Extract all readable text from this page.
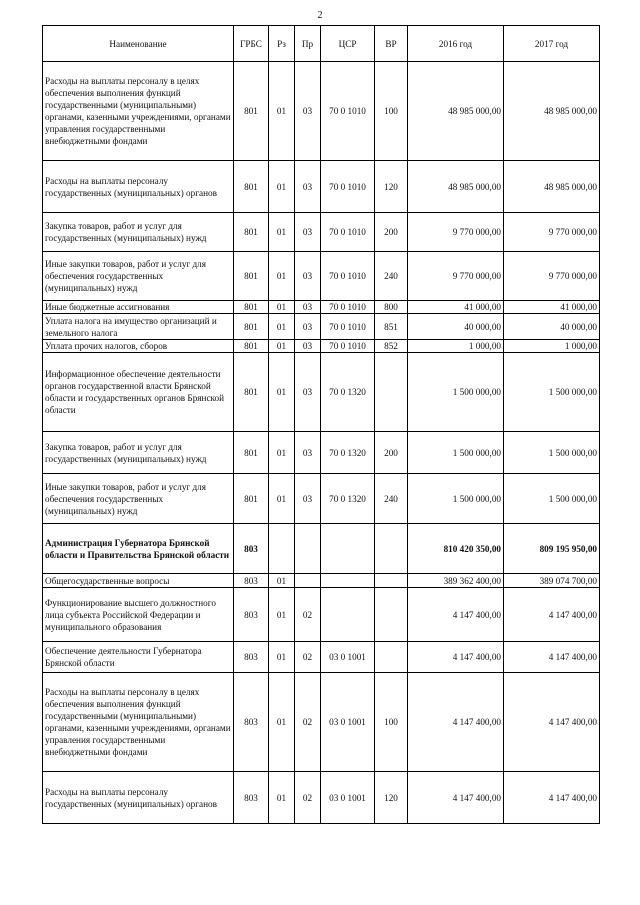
2
Наименование	ГРБС	Рз	Пр	ЦСР	ВР	2016 год	2017 год
Расходы на выплаты персоналу в целях обеспечения выполнения функций государственными (муниципальными) органами, казенными учреждениями, органами управления государственными внебюджетными фондами	801	01	03	70 0 1010	100	48 985 000,00	48 985 000,00
Расходы на выплаты персоналу государственных (муниципальных) органов	801	01	03	70 0 1010	120	48 985 000,00	48 985 000,00
Закупка товаров, работ и услуг для государственных (муниципальных) нужд	801	01	03	70 0 1010	200	9 770 000,00	9 770 000,00
Иные закупки товаров, работ и услуг для обеспечения государственных (муниципальных) нужд	801	01	03	70 0 1010	240	9 770 000,00	9 770 000,00
Иные бюджетные ассигнования	801	01	03	70 0 1010	800	41 000,00	41 000,00
Уплата налога на имущество организаций и земельного налога	801	01	03	70 0 1010	851	40 000,00	40 000,00
Уплата прочих налогов, сборов	801	01	03	70 0 1010	852	1 000,00	1 000,00
Информационное обеспечение деятельности органов государственной власти Брянской области и государственных органов Брянской области	801	01	03	70 0 1320		1 500 000,00	1 500 000,00
Закупка товаров, работ и услуг для государственных (муниципальных) нужд	801	01	03	70 0 1320	200	1 500 000,00	1 500 000,00
Иные закупки товаров, работ и услуг для обеспечения государственных (муниципальных) нужд	801	01	03	70 0 1320	240	1 500 000,00	1 500 000,00
Администрация Губернатора Брянской области и Правительства Брянской области	803					810 420 350,00	809 195 950,00
Общегосударственные вопросы	803	01				389 362 400,00	389 074 700,00
Функционирование высшего должностного лица субъекта Российской Федерации и муниципального образования	803	01	02			4 147 400,00	4 147 400,00
Обеспечение деятельности Губернатора Брянской области	803	01	02	03 0 1001		4 147 400,00	4 147 400,00
Расходы на выплаты персоналу в целях обеспечения выполнения функций государственными (муниципальными) органами, казенными учреждениями, органами управления государственными внебюджетными фондами	803	01	02	03 0 1001	100	4 147 400,00	4 147 400,00
Расходы на выплаты персоналу государственных (муниципальных) органов	803	01	02	03 0 1001	120	4 147 400,00	4 147 400,00
